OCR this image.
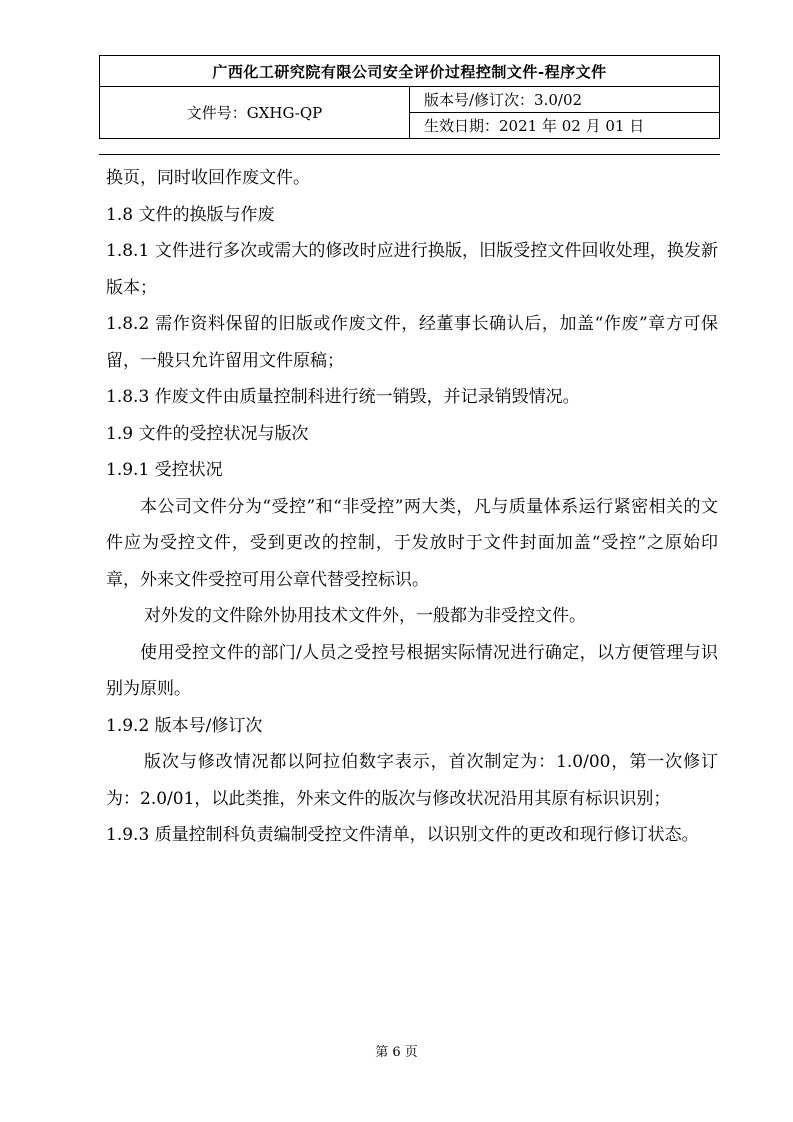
广西化工研究院有限公司安全评价过程控制文件-程序文件
文件号：GXHG-QP	版本号/修订次：3.0/02
生效日期：2021 年 02 月 01 日

换页，同时收回作废文件。

1.8 文件的换版与作废

1.8.1 文件进行多次或需大的修改时应进行换版，旧版受控文件回收处理，换发新版本；

1.8.2 需作资料保留的旧版或作废文件，经董事长确认后，加盖“作废”章方可保留，一般只允许留用文件原稿；

1.8.3 作废文件由质量控制科进行统一销毁，并记录销毁情况。

1.9 文件的受控状况与版次

1.9.1 受控状况

本公司文件分为“受控”和“非受控”两大类，凡与质量体系运行紧密相关的文件应为受控文件，受到更改的控制，于发放时于文件封面加盖“受控”之原始印章，外来文件受控可用公章代替受控标识。

对外发的文件除外协用技术文件外，一般都为非受控文件。

使用受控文件的部门/人员之受控号根据实际情况进行确定，以方便管理与识别为原则。

1.9.2 版本号/修订次

版次与修改情况都以阿拉伯数字表示，首次制定为：1.0/00，第一次修订为：2.0/01，以此类推，外来文件的版次与修改状况沿用其原有标识识别；

1.9.3 质量控制科负责编制受控文件清单，以识别文件的更改和现行修订状态。

第 6 页
